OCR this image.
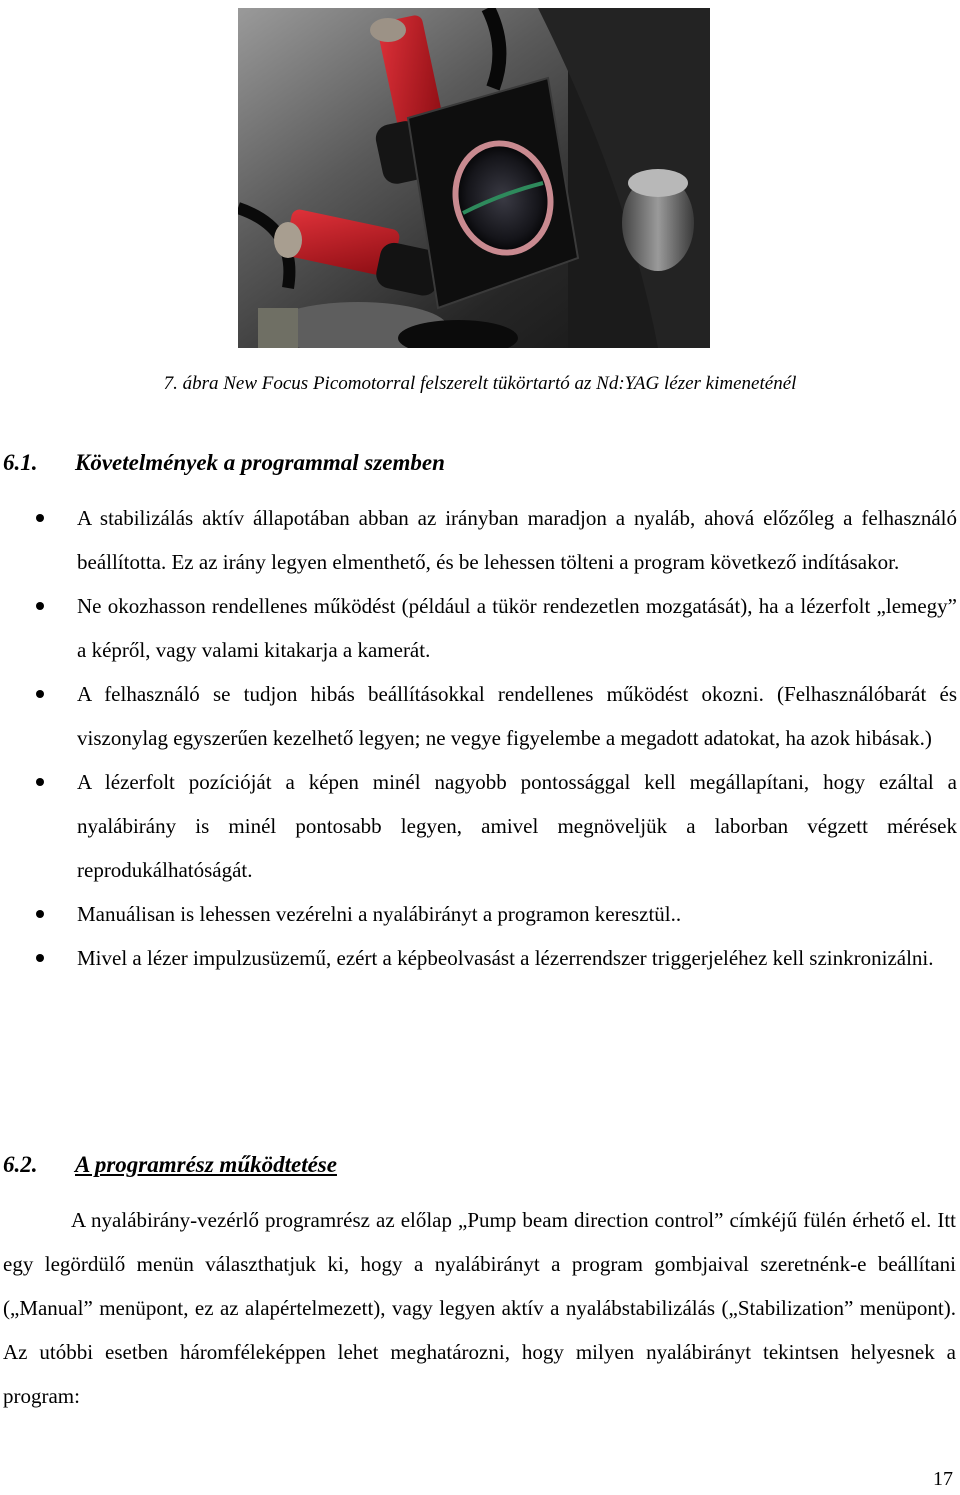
7. ábra New Focus Picomotorral felszerelt tükörtartó az Nd:YAG lézer kimeneténél
6.1. Követelmények a programmal szemben
A stabilizálás aktív állapotában abban az irányban maradjon a nyaláb, ahová előzőleg a felhasználó beállította. Ez az irány legyen elmenthető, és be lehessen tölteni a program következő indításakor.
Ne okozhasson rendellenes működést (például a tükör rendezetlen mozgatását), ha a lézerfolt „lemegy” a képről, vagy valami kitakarja a kamerát.
A felhasználó se tudjon hibás beállításokkal rendellenes működést okozni. (Felhasználóbarát és viszonylag egyszerűen kezelhető legyen; ne vegye figyelembe a megadott adatokat, ha azok hibásak.)
A lézerfolt pozícióját a képen minél nagyobb pontossággal kell megállapítani, hogy ezáltal a nyalábirány is minél pontosabb legyen, amivel megnöveljük a laborban végzett mérések reprodukálhatóságát.
Manuálisan is lehessen vezérelni a nyalábirányt a programon keresztül..
Mivel a lézer impulzusüzemű, ezért a képbeolvasást a lézerrendszer triggerjeléhez kell szinkronizálni.
6.2. A programrész működtetése

A nyalábirány-vezérlő programrész az előlap „Pump beam direction control” címkéjű fülén érhető el. Itt egy legördülő menün választhatjuk ki, hogy a nyalábirányt a program gombjaival szeretnénk-e beállítani („Manual” menüpont, ez az alapértelmezett), vagy legyen aktív a nyalábstabilizálás („Stabilization” menüpont). Az utóbbi esetben háromféleképpen lehet meghatározni, hogy milyen nyalábirányt tekintsen helyesnek a program:

17
